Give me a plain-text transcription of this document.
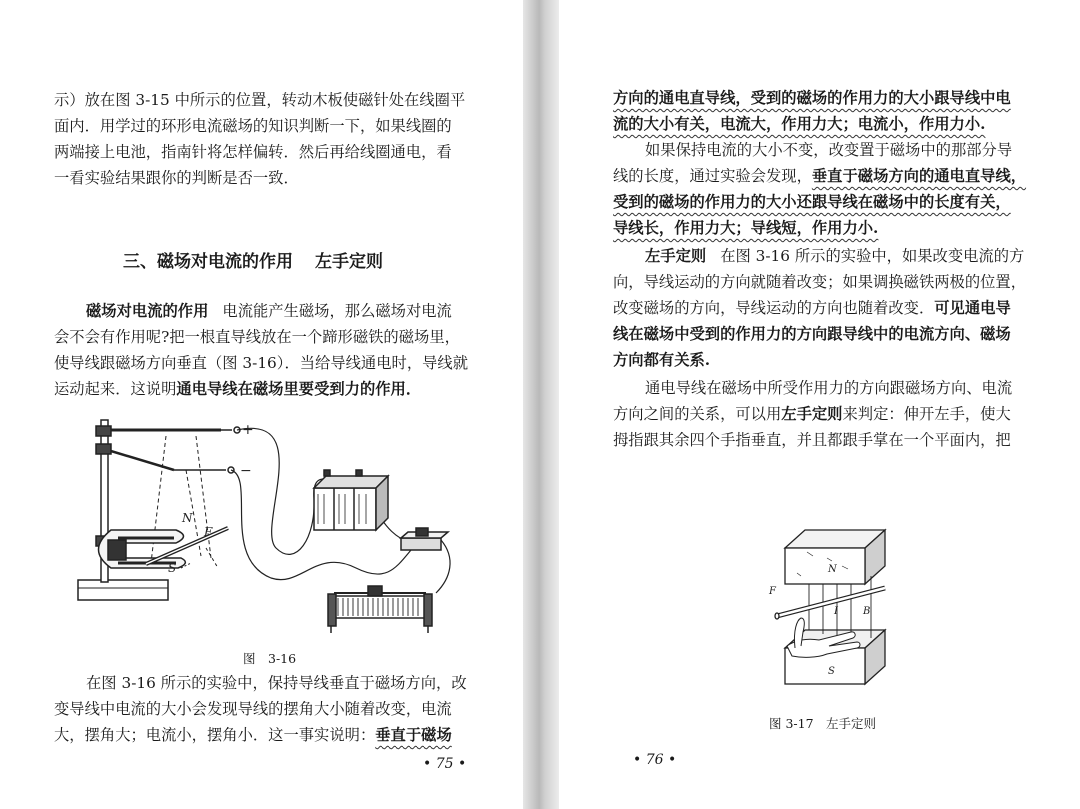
示）放在图 3-15 中所示的位置，转动木板使磁针处在线圈平
面内．用学过的环形电流磁场的知识判断一下，如果线圈的
两端接上电池，指南针将怎样偏转．然后再给线圈通电，看
一看实验结果跟你的判断是否一致．
三、磁场对电流的作用 左手定则
磁场对电流的作用 电流能产生磁场，那么磁场对电流
会不会有作用呢?把一根直导线放在一个蹄形磁铁的磁场里，
使导线跟磁场方向垂直（图 3-16）．当给导线通电时，导线就
运动起来．这说明通电导线在磁场里要受到力的作用．
+
−
N
S
F
图　3-16
在图 3-16 所示的实验中，保持导线垂直于磁场方向，改
变导线中电流的大小会发现导线的摆角大小随着改变，电流
大，摆角大；电流小，摆角小．这一事实说明：垂直于磁场
• 75 •
方向的通电直导线，受到的磁场的作用力的大小跟导线中电
流的大小有关，电流大，作用力大；电流小，作用力小.
如果保持电流的大小不变，改变置于磁场中的那部分导
线的长度，通过实验会发现，垂直于磁场方向的通电直导线，
受到的磁场的作用力的大小还跟导线在磁场中的长度有关，
导线长，作用力大；导线短，作用力小.
左手定则 在图 3-16 所示的实验中，如果改变电流的方
向，导线运动的方向就随着改变；如果调换磁铁两极的位置，
改变磁场的方向，导线运动的方向也随着改变．可见通电导
线在磁场中受到的作用力的方向跟导线中的电流方向、磁场
方向都有关系.
通电导线在磁场中所受作用力的方向跟磁场方向、电流
方向之间的关系，可以用左手定则来判定：伸开左手，使大
拇指跟其余四个手指垂直，并且都跟手掌在一个平面内，把
N
S
F
I	B
图 3-17　左手定则
• 76 •
